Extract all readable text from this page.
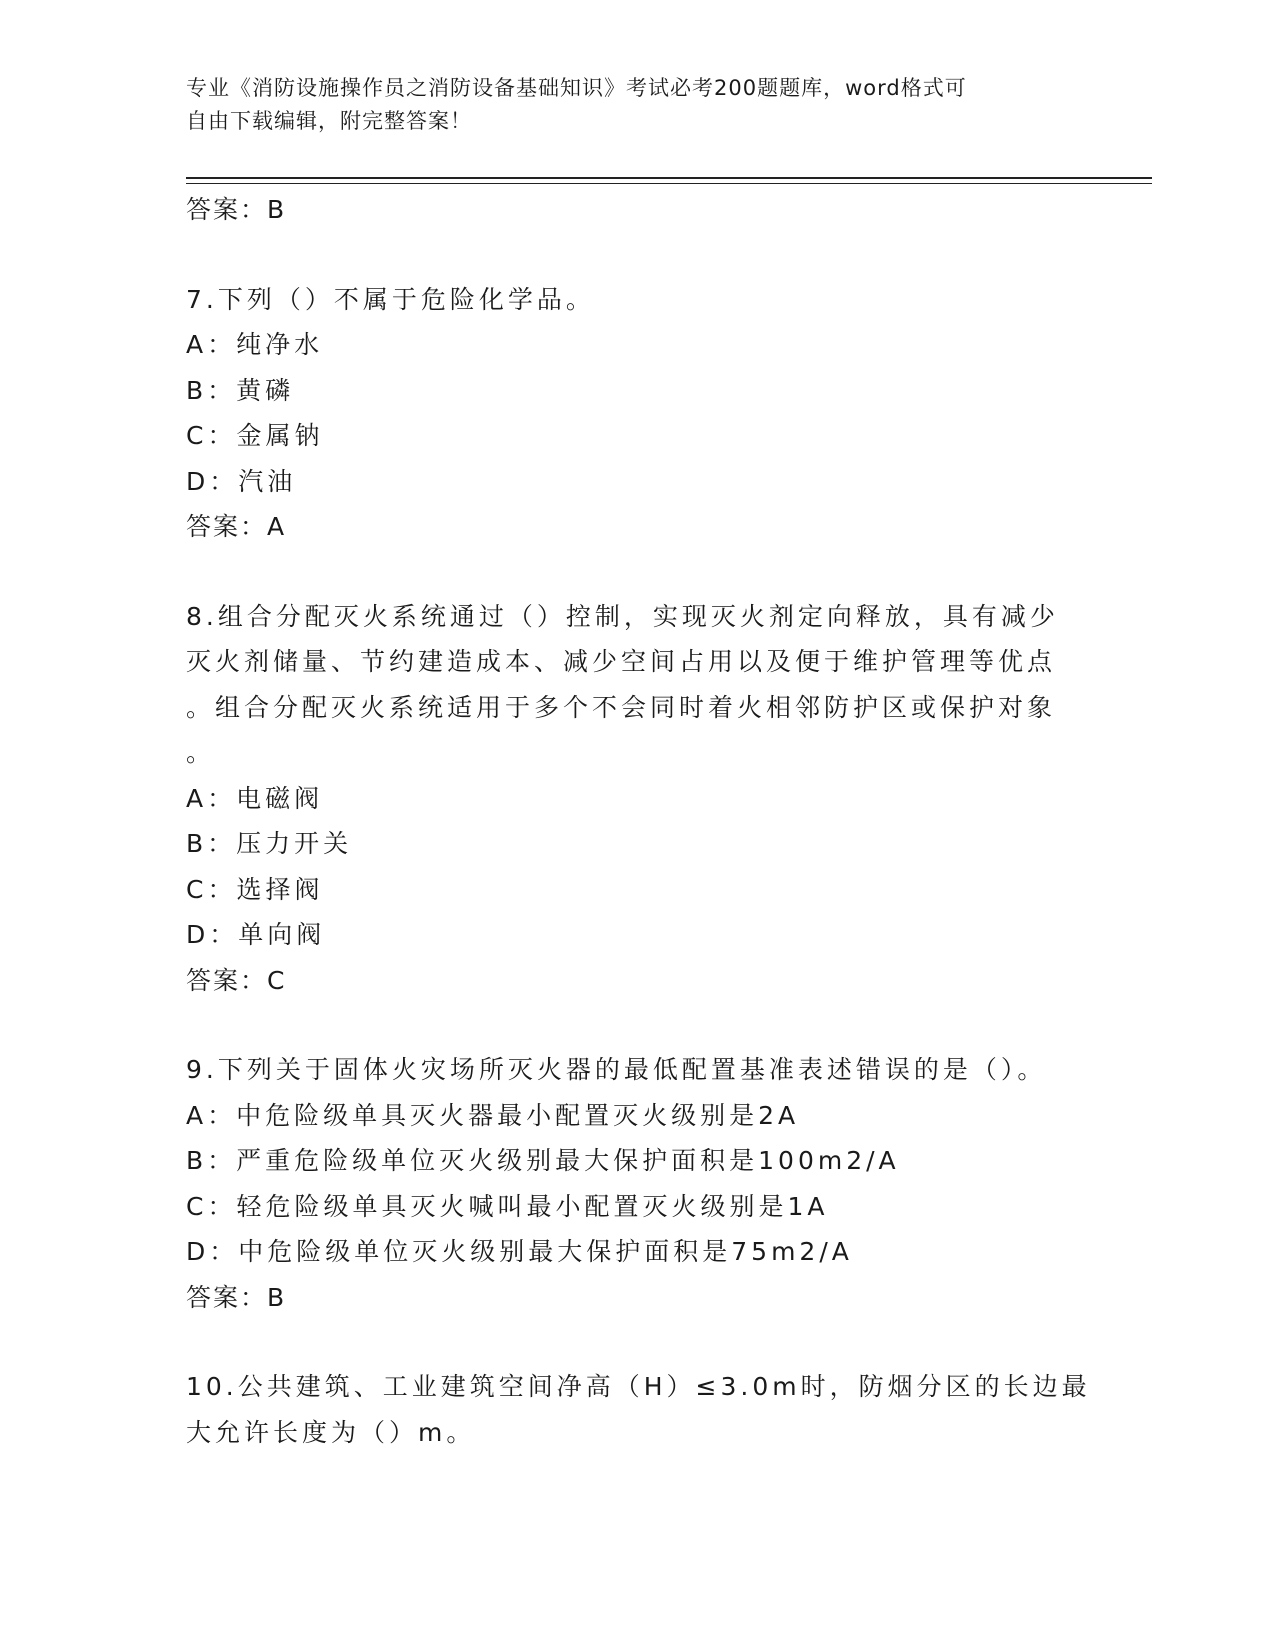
专业《消防设施操作员之消防设备基础知识》考试必考200题题库，word格式可
自由下载编辑，附完整答案！
答案：B
7.下列（）不属于危险化学品。
A：纯净水
B：黄磷
C：金属钠
D：汽油
答案：A
8.组合分配灭火系统通过（）控制，实现灭火剂定向释放，具有减少
灭火剂储量、节约建造成本、减少空间占用以及便于维护管理等优点
。组合分配灭火系统适用于多个不会同时着火相邻防护区或保护对象
。
A：电磁阀
B：压力开关
C：选择阀
D：单向阀
答案：C
9.下列关于固体火灾场所灭火器的最低配置基准表述错误的是（）。
A：中危险级单具灭火器最小配置灭火级别是2A
B：严重危险级单位灭火级别最大保护面积是100m2/A
C：轻危险级单具灭火喊叫最小配置灭火级别是1A
D：中危险级单位灭火级别最大保护面积是75m2/A
答案：B
10.公共建筑、工业建筑空间净高（H）≤3.0m时，防烟分区的长边最
大允许长度为（）m。
